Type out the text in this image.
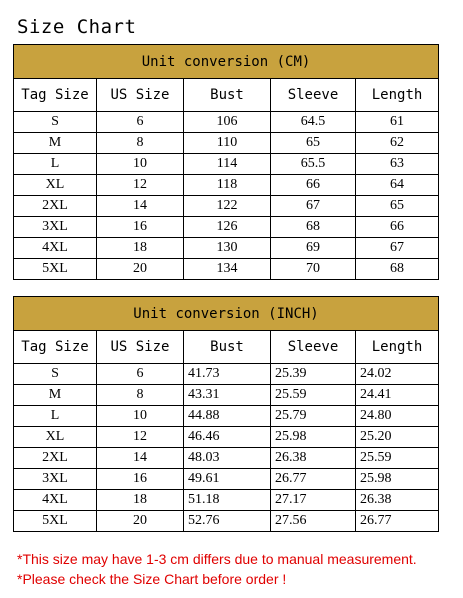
Size Chart
Unit conversion (CM)				
Tag Size	US Size	Bust	Sleeve	Length
S	6	106	64.5	61
M	8	110	65	62
L	10	114	65.5	63
XL	12	118	66	64
2XL	14	122	67	65
3XL	16	126	68	66
4XL	18	130	69	67
5XL	20	134	70	68
Unit conversion (INCH)				
Tag Size	US Size	Bust	Sleeve	Length
S	6	41.73	25.39	24.02
M	8	43.31	25.59	24.41
L	10	44.88	25.79	24.80
XL	12	46.46	25.98	25.20
2XL	14	48.03	26.38	25.59
3XL	16	49.61	26.77	25.98
4XL	18	51.18	27.17	26.38
5XL	20	52.76	27.56	26.77
*This size may have 1-3 cm differs due to manual measurement.
*Please check the Size Chart before order !
